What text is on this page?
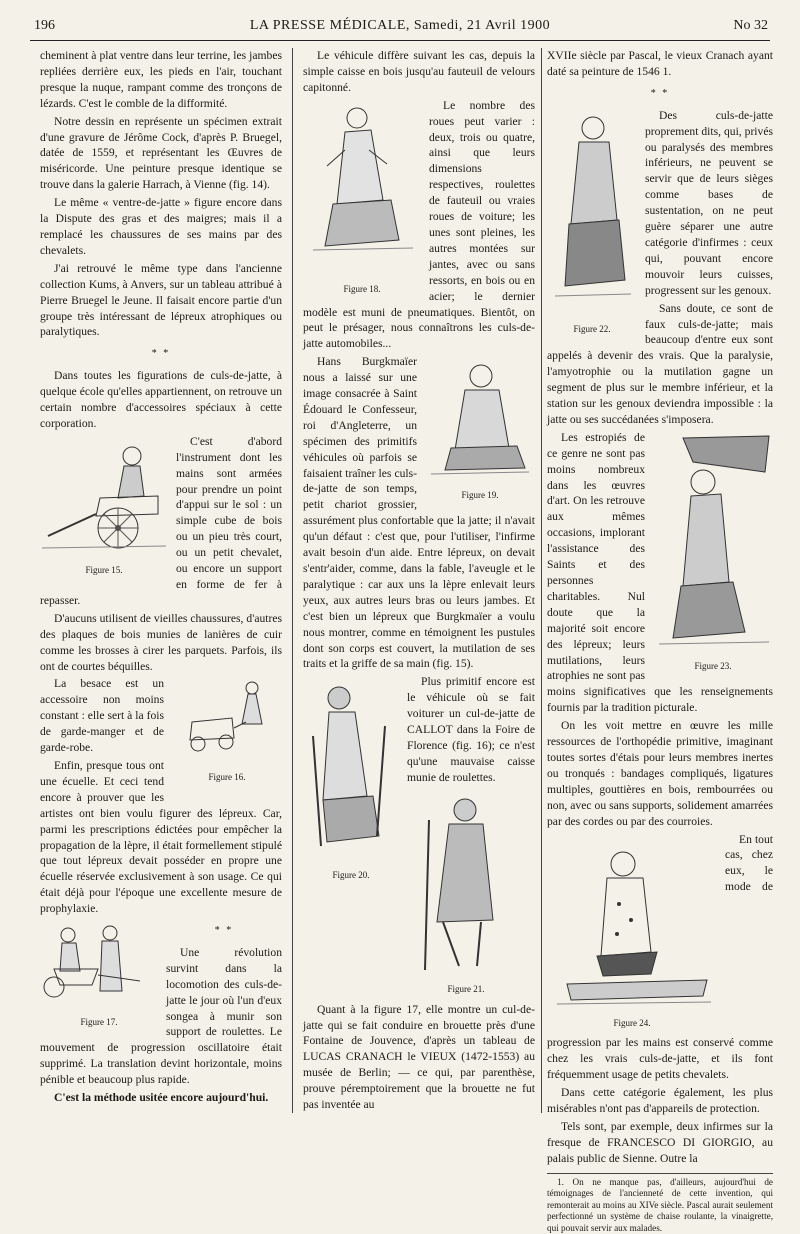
196	LA PRESSE MÉDICALE, Samedi, 21 Avril 1900	No 32

cheminent à plat ventre dans leur terrine, les jambes repliées derrière eux, les pieds en l'air, touchant presque la nuque, rampant comme des tronçons de lézards. C'est le comble de la difformité.

Notre dessin en représente un spécimen extrait d'une gravure de Jérôme Cock, d'après P. Bruegel, datée de 1559, et représentant les Œuvres de miséricorde. Une peinture presque identique se trouve dans la galerie Harrach, à Vienne (fig. 14).

Le même « ventre-de-jatte » figure encore dans la Dispute des gras et des maigres; mais il a remplacé les chaussures de ses mains par des chevalets.

J'ai retrouvé le même type dans l'ancienne collection Kums, à Anvers, sur un tableau attribué à Pierre Bruegel le Jeune. Il faisait encore partie d'un groupe très intéressant de lépreux atrophiques ou paralytiques.

* *

Dans toutes les figurations de culs-de-jatte, à quelque école qu'elles appartiennent, on retrouve un certain nombre d'accessoires spéciaux à cette corporation.

Figure 15.

C'est d'abord l'instrument dont les mains sont armées pour prendre un point d'appui sur le sol : un simple cube de bois ou un pieu très court, ou un petit chevalet, ou encore un support en forme de fer à repasser.

D'aucuns utilisent de vieilles chaussures, d'autres des plaques de bois munies de lanières de cuir comme les brosses à cirer les parquets. Parfois, ils ont de courtes béquilles.

Figure 16.

La besace est un accessoire non moins constant : elle sert à la fois de garde-manger et de garde-robe.

Enfin, presque tous ont une écuelle. Et ceci tend encore à prouver que les artistes ont bien voulu figurer des lépreux. Car, parmi les prescriptions édictées pour empêcher la propagation de la lèpre, il était formellement stipulé que tout lépreux devait posséder en propre une écuelle réservée exclusivement à son usage. Ce qui était déjà pour l'époque une excellente mesure de prophylaxie.

Figure 17.
* *

Une révolution survint dans la locomotion des culs-de-jatte le jour où l'un d'eux songea à munir son support de roulettes. Le mouvement de progression oscillatoire était supprimé. La translation devint horizontale, moins pénible et beaucoup plus rapide.

C'est la méthode usitée encore aujourd'hui.

Le véhicule diffère suivant les cas, depuis la simple caisse en bois jusqu'au fauteuil de velours capitonné.

Figure 18.

Le nombre des roues peut varier : deux, trois ou quatre, ainsi que leurs dimensions respectives, roulettes de fauteuil ou vraies roues de voiture; les unes sont pleines, les autres montées sur jantes, avec ou sans ressorts, en bois ou en acier; le dernier modèle est muni de pneumatiques. Bientôt, on peut le présager, nous connaîtrons les culs-de-jatte automobiles...

Figure 19.

Hans Burgkmaïer nous a laissé sur une image consacrée à Saint Édouard le Confesseur, roi d'Angleterre, un spécimen des primitifs véhicules où parfois se faisaient traîner les culs-de-jatte de son temps, petit chariot grossier, assurément plus confortable que la jatte; il n'avait qu'un défaut : c'est que, pour l'utiliser, l'infirme avait besoin d'un aide. Entre lépreux, on devait s'entr'aider, comme, dans la fable, l'aveugle et le paralytique : car aux uns la lèpre enlevait leurs yeux, aux autres leurs bras ou leurs jambes. Et c'est bien un lépreux que Burgkmaïer a voulu nous montrer, comme en témoignent les pustules dont son corps est couvert, la mutilation de ses traits et la griffe de sa main (fig. 15).

Figure 20.

Plus primitif encore est le véhicule où se fait voiturer un cul-de-jatte de CALLOT dans la Foire de Florence (fig. 16); ce n'est qu'une mauvaise caisse munie de roulettes.

Figure 21.

Quant à la figure 17, elle montre un cul-de-jatte qui se fait conduire en brouette près d'une Fontaine de Jouvence, d'après un tableau de LUCAS CRANACH le VIEUX (1472-1553) au musée de Berlin; — ce qui, par parenthèse, prouve péremptoirement que la brouette ne fut pas inventée au

XVIIe siècle par Pascal, le vieux Cranach ayant daté sa peinture de 1546 1.

* *
Figure 22.

Des culs-de-jatte proprement dits, qui, privés ou paralysés des membres inférieurs, ne peuvent se servir que de leurs sièges comme bases de sustentation, on ne peut guère séparer une autre catégorie d'infirmes : ceux qui, pouvant encore mouvoir leurs cuisses, progressent sur les genoux.

Sans doute, ce sont de faux culs-de-jatte; mais beaucoup d'entre eux sont appelés à devenir des vrais. Que la paralysie, l'amyotrophie ou la mutilation gagne un segment de plus sur le membre inférieur, et la station sur les genoux deviendra impossible : la jatte ou ses succédanées s'imposera.

Figure 23.

Les estropiés de ce genre ne sont pas moins nombreux dans les œuvres d'art. On les retrouve aux mêmes occasions, implorant l'assistance des Saints et des personnes charitables. Nul doute que la majorité soit encore des lépreux; leurs mutilations, leurs atrophies ne sont pas moins significatives que les renseignements fournis par la tradition picturale.

On les voit mettre en œuvre les mille ressources de l'orthopédie primitive, imaginant toutes sortes d'étais pour leurs membres inertes ou tronqués : bandages compliqués, ligatures multiples, gouttières en bois, rembourrées ou non, avec ou sans supports, solidement amarrées par des cordes ou par des courroies.

Figure 24.

En tout cas, chez eux, le mode de progression par les mains est conservé comme chez les vrais culs-de-jatte, et ils font fréquemment usage de petits chevalets.

Dans cette catégorie également, les plus misérables n'ont pas d'appareils de protection.

Tels sont, par exemple, deux infirmes sur la fresque de FRANCESCO DI GIORGIO, au palais public de Sienne. Outre la

1. On ne manque pas, d'ailleurs, aujourd'hui de témoignages de l'ancienneté de cette invention, qui remonterait au moins au XIVe siècle. Pascal aurait seulement perfectionné un système de chaise roulante, la vinaigrette, qui pouvait servir aux malades.
